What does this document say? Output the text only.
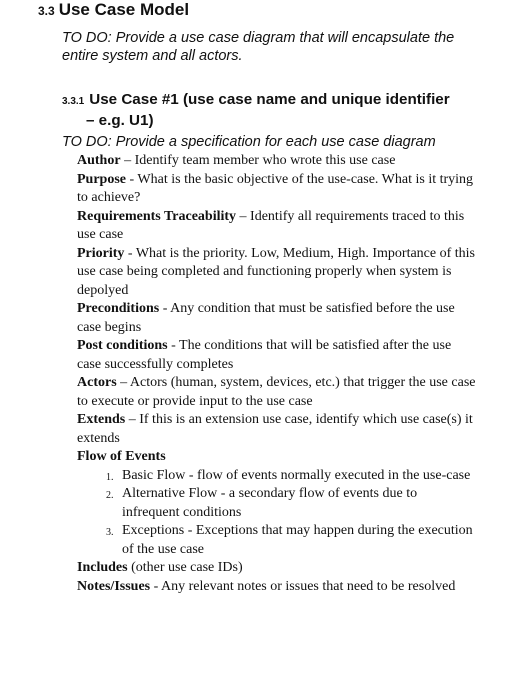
3.3 Use Case Model
TO DO: Provide a use case diagram that will encapsulate the entire system and all actors.
3.3.1 Use Case #1 (use case name and unique identifier
– e.g. U1)
TO DO: Provide a specification for each use case diagram

Author – Identify team member who wrote this use case

Purpose - What is the basic objective of the use-case. What is it trying to achieve?

Requirements Traceability – Identify all requirements traced to this use case

Priority - What is the priority. Low, Medium, High. Importance of this use case being completed and functioning properly when system is depolyed

Preconditions - Any condition that must be satisfied before the use case begins

Post conditions - The conditions that will be satisfied after the use case successfully completes

Actors – Actors (human, system, devices, etc.) that trigger the use case to execute or provide input to the use case

Extends – If this is an extension use case, identify which use case(s) it extends

Flow of Events

1. Basic Flow - flow of events normally executed in the use-case
2. Alternative Flow - a secondary flow of events due to infrequent conditions
3. Exceptions - Exceptions that may happen during the execution of the use case

Includes (other use case IDs)

Notes/Issues - Any relevant notes or issues that need to be resolved
